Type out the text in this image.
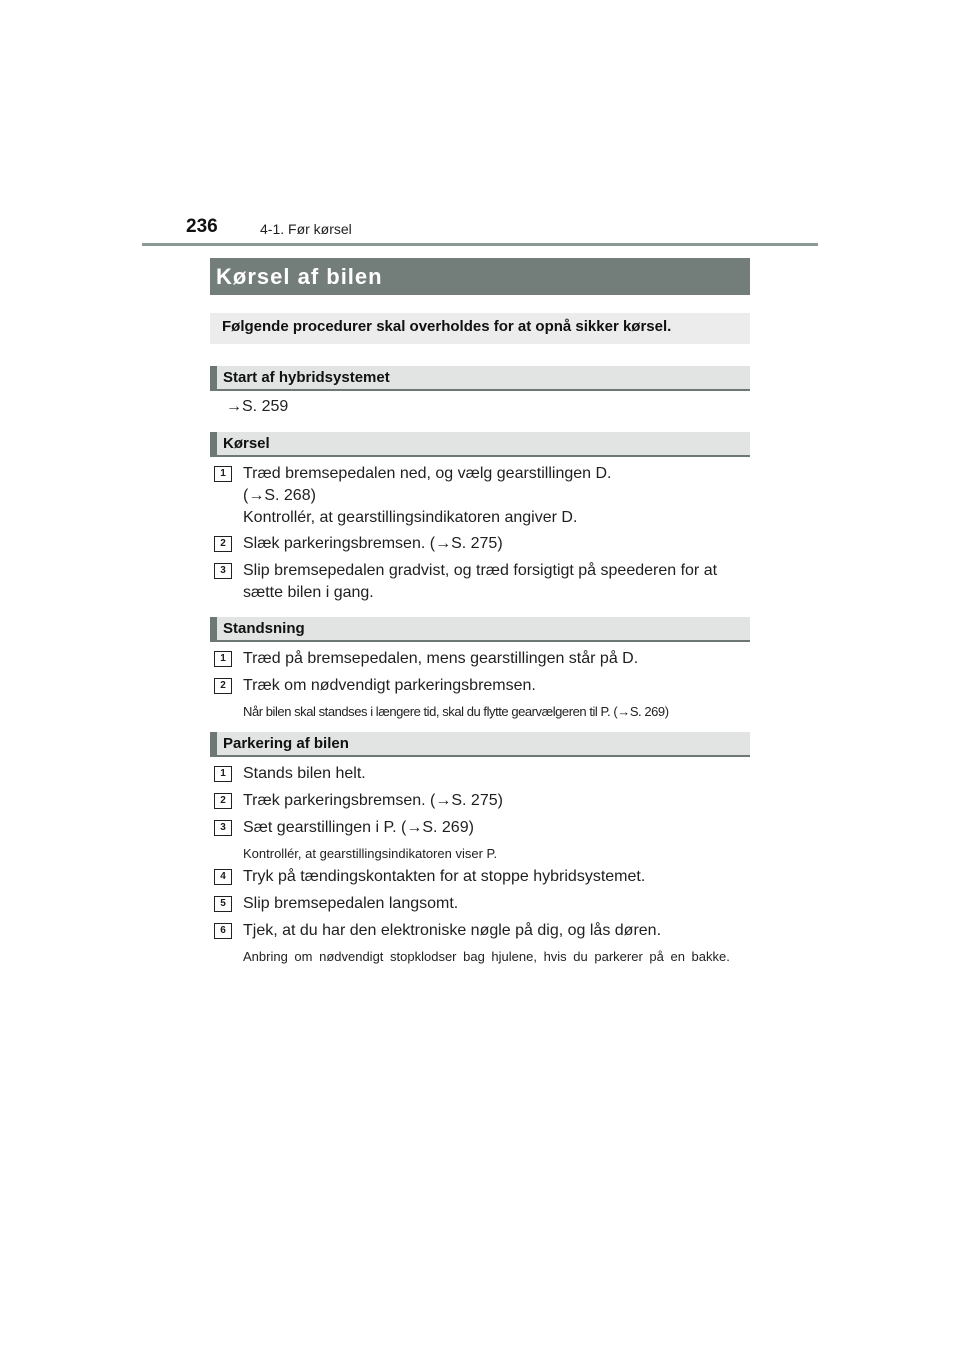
236	4-1. Før kørsel
Kørsel af bilen
Følgende procedurer skal overholdes for at opnå sikker kørsel.
Start af hybridsystemet
→S. 259
Kørsel
1	Træd bremsepedalen ned, og vælg gearstillingen D.
(→S. 268)
Kontrollér, at gearstillingsindikatoren angiver D.
2	Slæk parkeringsbremsen. (→S. 275)
3	Slip bremsepedalen gradvist, og træd forsigtigt på speederen for at
sætte bilen i gang.
Standsning
1	Træd på bremsepedalen, mens gearstillingen står på D.
2	Træk om nødvendigt parkeringsbremsen.
Når bilen skal standses i længere tid, skal du flytte gearvælgeren til P. (→S. 269)
Parkering af bilen
1	Stands bilen helt.
2	Træk parkeringsbremsen. (→S. 275)
3	Sæt gearstillingen i P. (→S. 269)
Kontrollér, at gearstillingsindikatoren viser P.
4	Tryk på tændingskontakten for at stoppe hybridsystemet.
5	Slip bremsepedalen langsomt.
6	Tjek, at du har den elektroniske nøgle på dig, og lås døren.
Anbring om nødvendigt stopklodser bag hjulene, hvis du parkerer på en bakke.
